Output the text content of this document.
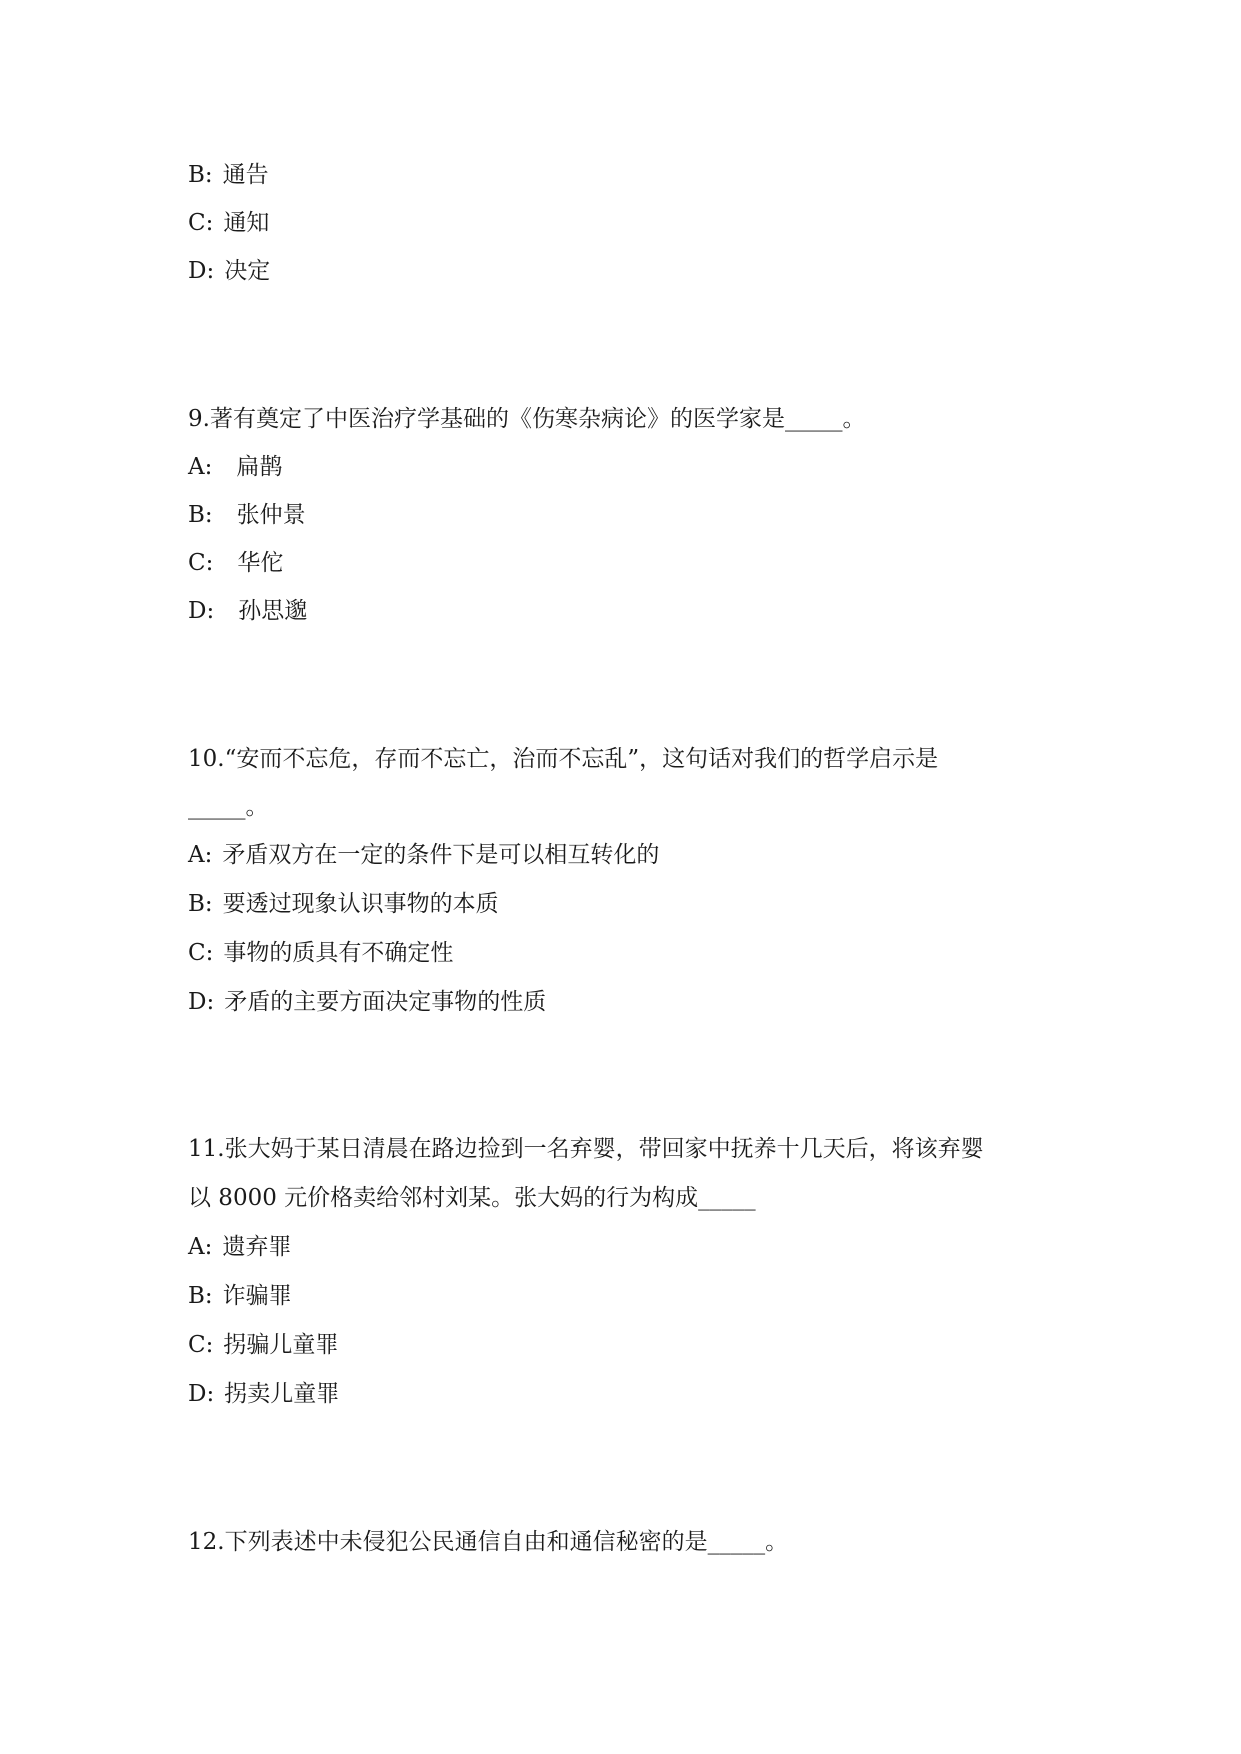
B: 通告

C: 通知

D: 决定

9.著有奠定了中医治疗学基础的《伤寒杂病论》的医学家是_____。

A: 扁鹊

B: 张仲景

C: 华佗

D: 孙思邈

10.“安而不忘危，存而不忘亡，治而不忘乱”，这句话对我们的哲学启示是

_____。

A: 矛盾双方在一定的条件下是可以相互转化的

B: 要透过现象认识事物的本质

C: 事物的质具有不确定性

D: 矛盾的主要方面决定事物的性质

11.张大妈于某日清晨在路边捡到一名弃婴，带回家中抚养十几天后，将该弃婴

以 8000 元价格卖给邻村刘某。张大妈的行为构成_____

A: 遗弃罪

B: 诈骗罪

C: 拐骗儿童罪

D: 拐卖儿童罪

12.下列表述中未侵犯公民通信自由和通信秘密的是_____。
